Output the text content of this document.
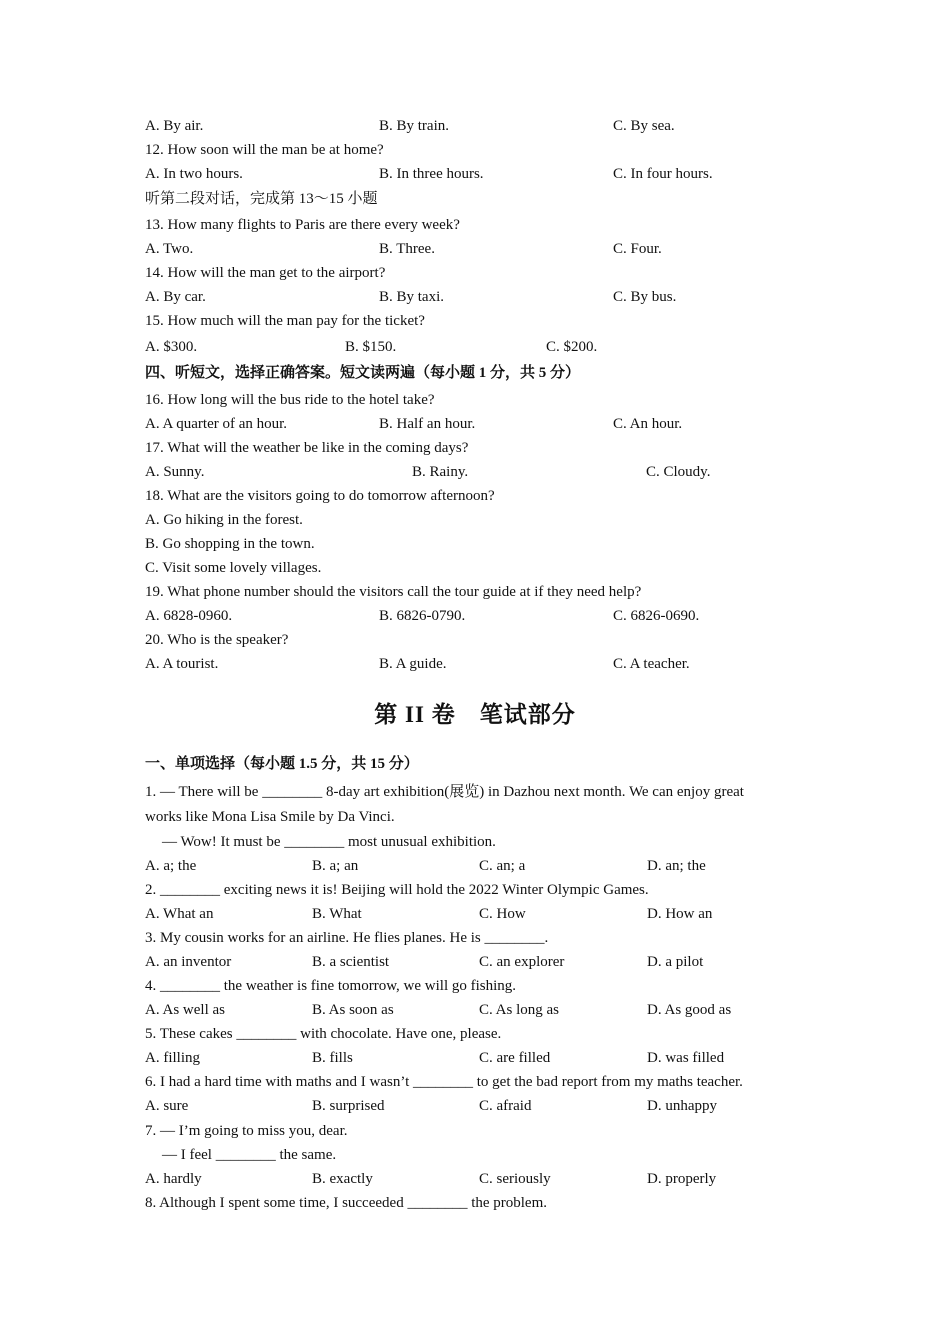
A. By air.	B. By train.	C. By sea.
12. How soon will the man be at home?
A. In two hours.	B. In three hours.	C. In four hours.
听第二段对话，完成第 13～15 小题
13. How many flights to Paris are there every week?
A. Two.	B. Three.	C. Four.
14. How will the man get to the airport?
A. By car.	B. By taxi.	C. By bus.
15. How much will the man pay for the ticket?
A. $300.	B. $150.	C. $200.
四、听短文，选择正确答案。短文读两遍（每小题 1 分，共 5 分）
16. How long will the bus ride to the hotel take?
A. A quarter of an hour.	B. Half an hour.	C. An hour.
17. What will the weather be like in the coming days?
A. Sunny.	B. Rainy.	C. Cloudy.
18. What are the visitors going to do tomorrow afternoon?
A. Go hiking in the forest.
B. Go shopping in the town.
C. Visit some lovely villages.
19. What phone number should the visitors call the tour guide at if they need help?
A. 6828-0960.	B. 6826-0790.	C. 6826-0690.
20. Who is the speaker?
A. A tourist.	B. A guide.	C. A teacher.
第 II 卷 笔试部分
一、单项选择（每小题 1.5 分，共 15 分）
1. — There will be ________ 8-day art exhibition(展览) in Dazhou next month. We can enjoy great
works like Mona Lisa Smile by Da Vinci.
— Wow! It must be ________ most unusual exhibition.
A. a; the	B. a; an	C. an; a	D. an; the
2. ________ exciting news it is! Beijing will hold the 2022 Winter Olympic Games.
A. What an	B. What	C. How	D. How an
3. My cousin works for an airline. He flies planes. He is ________.
A. an inventor	B. a scientist	C. an explorer	D. a pilot
4. ________ the weather is fine tomorrow, we will go fishing.
A. As well as	B. As soon as	C. As long as	D. As good as
5. These cakes ________ with chocolate. Have one, please.
A. filling	B. fills	C. are filled	D. was filled
6. I had a hard time with maths and I wasn’t ________ to get the bad report from my maths teacher.
A. sure	B. surprised	C. afraid	D. unhappy
7. — I’m going to miss you, dear.
— I feel ________ the same.
A. hardly	B. exactly	C. seriously	D. properly
8. Although I spent some time, I succeeded ________ the problem.
